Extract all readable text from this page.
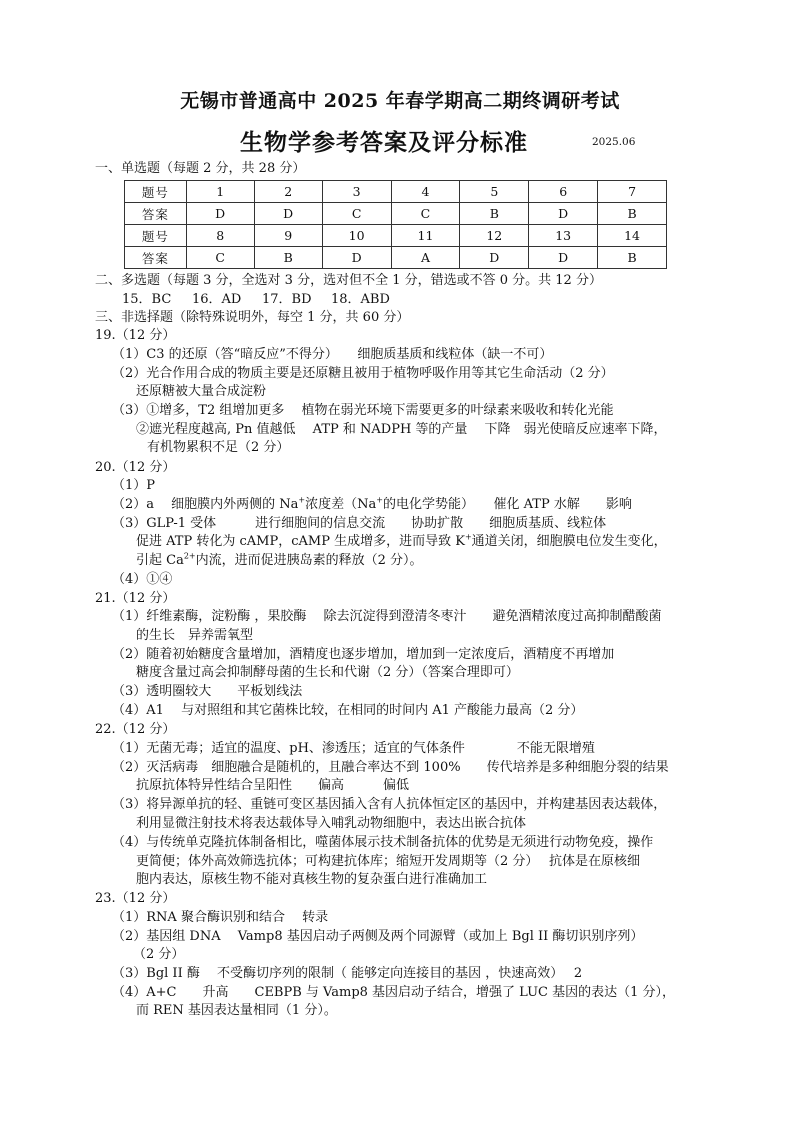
无锡市普通高中 2025 年春学期高二期终调研考试
生物学参考答案及评分标准	2025.06
一、单选题（每题 2 分，共 28 分）
题号	1	2	3	4	5	6	7
答案	D	D	C	C	B	D	B
题号	8	9	10	11	12	13	14
答案	C	B	D	A	D	D	B
二、多选题（每题 3 分，全选对 3 分，选对但不全 1 分，错选或不答 0 分。共 12 分）
15．BC 16．AD 17．BD 18．ABD
三、非选择题（除特殊说明外，每空 1 分，共 60 分）
19.（12 分）
（1）C3 的还原（答“暗反应”不得分）　　细胞质基质和线粒体（缺一不可）
（2）光合作用合成的物质主要是还原糖且被用于植物呼吸作用等其它生命活动（2 分）
还原糖被大量合成淀粉
（3）①增多，T2 组增加更多　 植物在弱光环境下需要更多的叶绿素来吸收和转化光能
②遮光程度越高, Pn 值越低　 ATP 和 NADPH 等的产量　 下降　弱光使暗反应速率下降，
有机物累积不足（2 分）
20.（12 分）
（1）P
（2）a　 细胞膜内外两侧的 Na+浓度差（Na+的电化学势能）　　催化 ATP 水解　　影响
（3）GLP-1 受体　　　进行细胞间的信息交流　　协助扩散　　细胞质基质、线粒体
促进 ATP 转化为 cAMP，cAMP 生成增多，进而导致 K+通道关闭，细胞膜电位发生变化，
引起 $Ca^{2+}$内流，进而促进胰岛素的释放（2 分）。
（4）①④
21.（12 分）
（1）纤维素酶，淀粉酶 ，果胶酶　 除去沉淀得到澄清冬枣汁　　避免酒精浓度过高抑制醋酸菌
的生长　异养需氧型
（2）随着初始糖度含量增加，酒精度也逐步增加，增加到一定浓度后，酒精度不再增加
糖度含量过高会抑制酵母菌的生长和代谢（2 分）（答案合理即可）
（3）透明圈较大　　平板划线法
（4）A1　 与对照组和其它菌株比较，在相同的时间内 A1 产酸能力最高（2 分）
22.（12 分）
（1）无菌无毒；适宜的温度、pH、渗透压；适宜的气体条件　　　　不能无限增殖
（2）灭活病毒　细胞融合是随机的，且融合率达不到 100%　　传代培养是多种细胞分裂的结果
抗原抗体特异性结合呈阳性　　偏高　　　偏低
（3）将异源单抗的轻、重链可变区基因插入含有人抗体恒定区的基因中，并构建基因表达载体，
利用显微注射技术将表达载体导入哺乳动物细胞中，表达出嵌合抗体
（4）与传统单克隆抗体制备相比，噬菌体展示技术制备抗体的优势是无须进行动物免疫，操作
更简便；体外高效筛选抗体；可构建抗体库；缩短开发周期等（2 分）　 抗体是在原核细
胞内表达，原核生物不能对真核生物的复杂蛋白进行准确加工
23.（12 分）
（1）RNA 聚合酶识别和结合　 转录
（2）基因组 DNA　 Vamp8 基因启动子两侧及两个同源臂（或加上 Bgl II 酶切识别序列）
（2 分）
（3）Bgl II 酶　 不受酶切序列的限制（ 能够定向连接目的基因 ，快速高效）　 2
（4）A+C　　升高　　CEBPB 与 Vamp8 基因启动子结合，增强了 LUC 基因的表达（1 分），
而 REN 基因表达量相同（1 分）。
